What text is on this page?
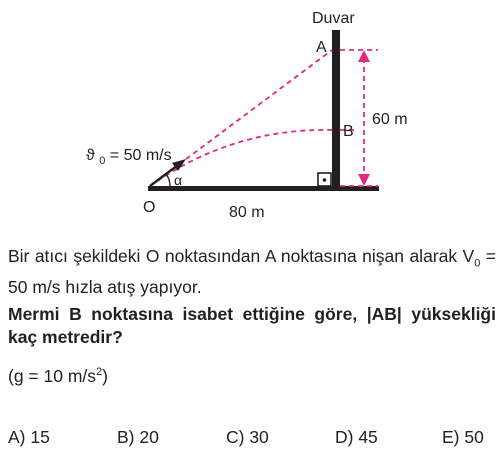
Duvar
A
B
O
60 m
80 m
α
ϑ $_0$ = 50 m/s
Bir atıcı şekildeki O noktasından A noktasına nişan alarak $V_0 = 50$ m/s hızla atış yapıyor.
Mermi B noktasına isabet ettiğine göre, |AB| yüksekliği kaç metredir?
(g = 10 $m/s^2$)
A) 15	B) 20	C) 30	D) 45	E) 50
